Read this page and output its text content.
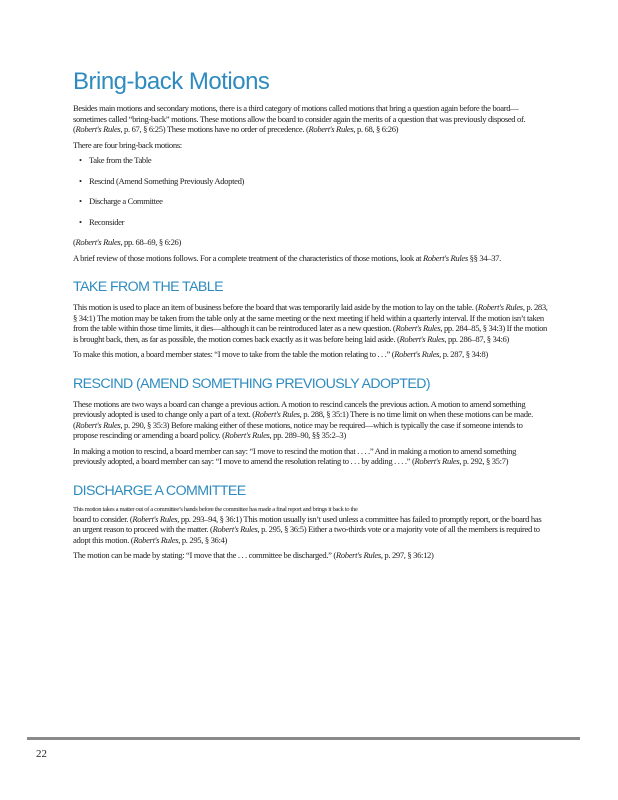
Bring-back Motions

Besides main motions and secondary motions, there is a third category of motions called motions that bring a question again before the board—sometimes called “bring-back” motions. These motions allow the board to consider again the merits of a question that was previously disposed of. (Robert's Rules, p. 67, § 6:25) These motions have no order of precedence. (Robert's Rules, p. 68, § 6:26)

There are four bring-back motions:

• Take from the Table
• Rescind (Amend Something Previously Adopted)
• Discharge a Committee
• Reconsider

(Robert's Rules, pp. 68–69, § 6:26)

A brief review of those motions follows. For a complete treatment of the characteristics of those motions, look at Robert's Rules §§ 34–37.

TAKE FROM THE TABLE

This motion is used to place an item of business before the board that was temporarily laid aside by the motion to lay on the table. (Robert's Rules, p. 283, § 34:1) The motion may be taken from the table only at the same meeting or the next meeting if held within a quarterly interval. If the motion isn’t taken from the table within those time limits, it dies—although it can be reintroduced later as a new question. (Robert's Rules, pp. 284–85, § 34:3) If the motion is brought back, then, as far as possible, the motion comes back exactly as it was before being laid aside. (Robert's Rules, pp. 286–87, § 34:6)

To make this motion, a board member states: “I move to take from the table the motion relating to . . .” (Robert's Rules, p. 287, § 34:8)

RESCIND (AMEND SOMETHING PREVIOUSLY ADOPTED)

These motions are two ways a board can change a previous action. A motion to rescind cancels the previous action. A motion to amend something previously adopted is used to change only a part of a text. (Robert's Rules, p. 288, § 35:1) There is no time limit on when these motions can be made. (Robert's Rules, p. 290, § 35:3) Before making either of these motions, notice may be required—which is typically the case if someone intends to propose rescinding or amending a board policy. (Robert's Rules, pp. 289–90, §§ 35:2–3)

In making a motion to rescind, a board member can say: “I move to rescind the motion that . . . .” And in making a motion to amend something previously adopted, a board member can say: “I move to amend the resolution relating to . . . by adding . . . .” (Robert's Rules, p. 292, § 35:7)

DISCHARGE A COMMITTEE
This motion takes a matter out of a committee’s hands before the committee has made a final report and brings it back to the

board to consider. (Robert's Rules, pp. 293–94, § 36:1) This motion usually isn’t used unless a committee has failed to promptly report, or the board has an urgent reason to proceed with the matter. (Robert's Rules, p. 295, § 36:5) Either a two-thirds vote or a majority vote of all the members is required to adopt this motion. (Robert's Rules, p. 295, § 36:4)

The motion can be made by stating: “I move that the . . . committee be discharged.” (Robert's Rules, p. 297, § 36:12)

22
